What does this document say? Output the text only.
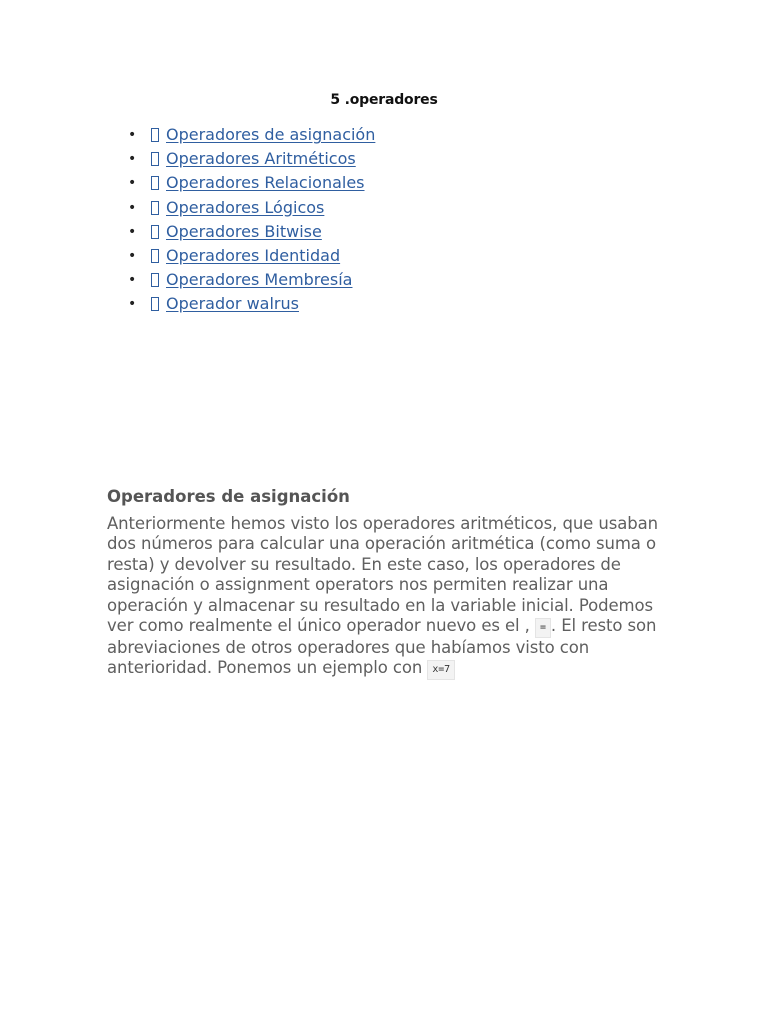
5 .operadores
• Operadores de asignación
• Operadores Aritméticos
• Operadores Relacionales
• Operadores Lógicos
• Operadores Bitwise
• Operadores Identidad
• Operadores Membresía
• Operador walrus
Operadores de asignación

Anteriormente hemos visto los operadores aritméticos, que usaban dos números para calcular una operación aritmética (como suma o resta) y devolver su resultado. En este caso, los operadores de asignación o assignment operators nos permiten realizar una operación y almacenar su resultado en la variable inicial. Podemos ver como realmente el único operador nuevo es el , = . El resto son abreviaciones de otros operadores que habíamos visto con anterioridad. Ponemos un ejemplo con x=7
